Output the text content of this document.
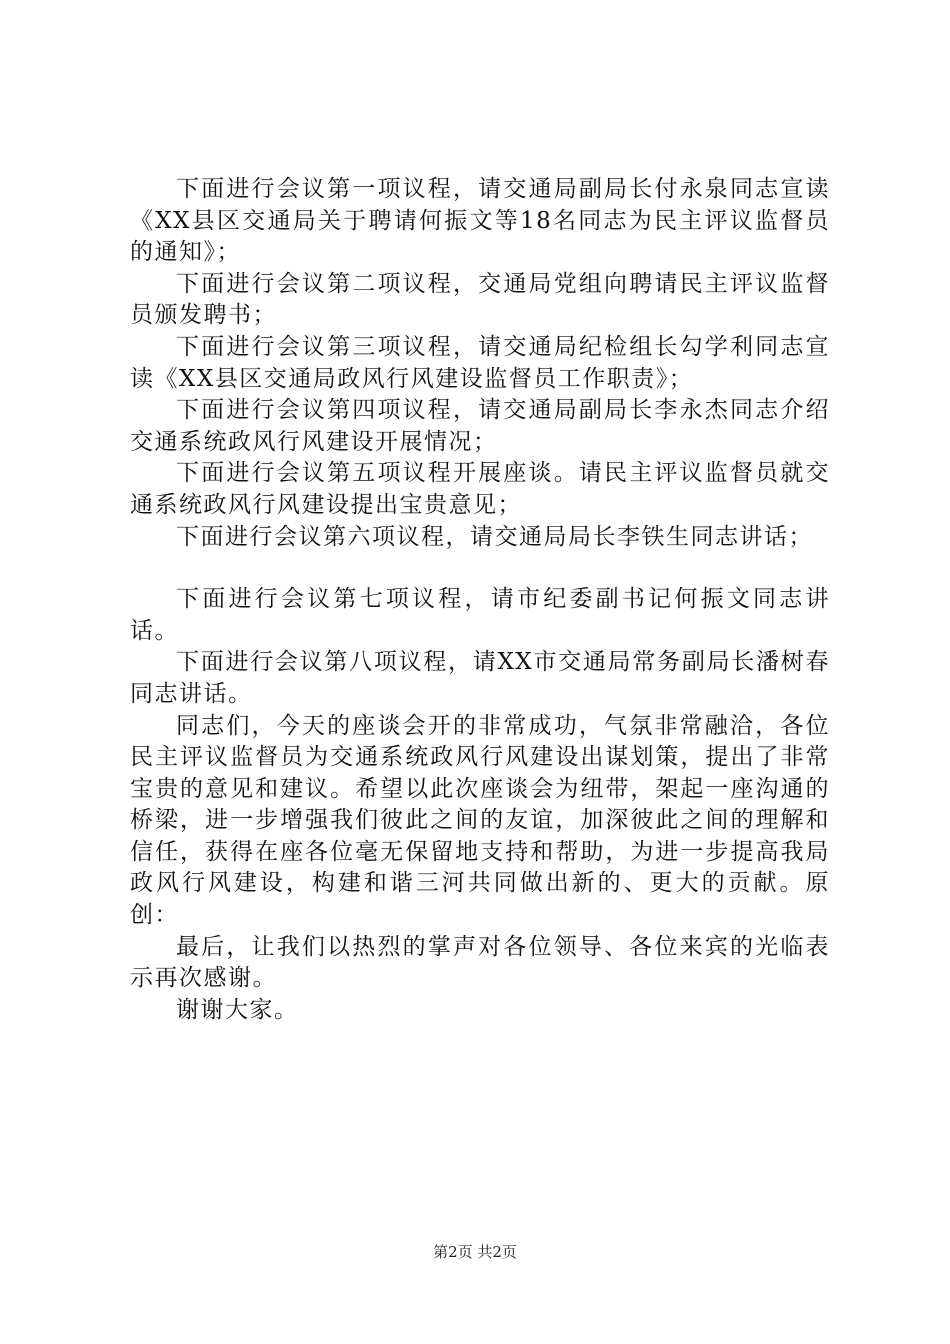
下面进行会议第一项议程，请交通局副局长付永泉同志宣读《XX县区交通局关于聘请何振文等18名同志为民主评议监督员的通知》；

下面进行会议第二项议程，交通局党组向聘请民主评议监督员颁发聘书；

下面进行会议第三项议程，请交通局纪检组长勾学利同志宣读《XX县区交通局政风行风建设监督员工作职责》；

下面进行会议第四项议程，请交通局副局长李永杰同志介绍交通系统政风行风建设开展情况；

下面进行会议第五项议程开展座谈。请民主评议监督员就交通系统政风行风建设提出宝贵意见；

下面进行会议第六项议程，请交通局局长李铁生同志讲话；

下面进行会议第七项议程，请市纪委副书记何振文同志讲话。

下面进行会议第八项议程，请XX市交通局常务副局长潘树春同志讲话。

同志们，今天的座谈会开的非常成功，气氛非常融洽，各位民主评议监督员为交通系统政风行风建设出谋划策，提出了非常宝贵的意见和建议。希望以此次座谈会为纽带，架起一座沟通的桥梁，进一步增强我们彼此之间的友谊，加深彼此之间的理解和信任，获得在座各位毫无保留地支持和帮助，为进一步提高我局政风行风建设，构建和谐三河共同做出新的、更大的贡献。原创：

最后，让我们以热烈的掌声对各位领导、各位来宾的光临表示再次感谢。

谢谢大家。

第2页 共2页
